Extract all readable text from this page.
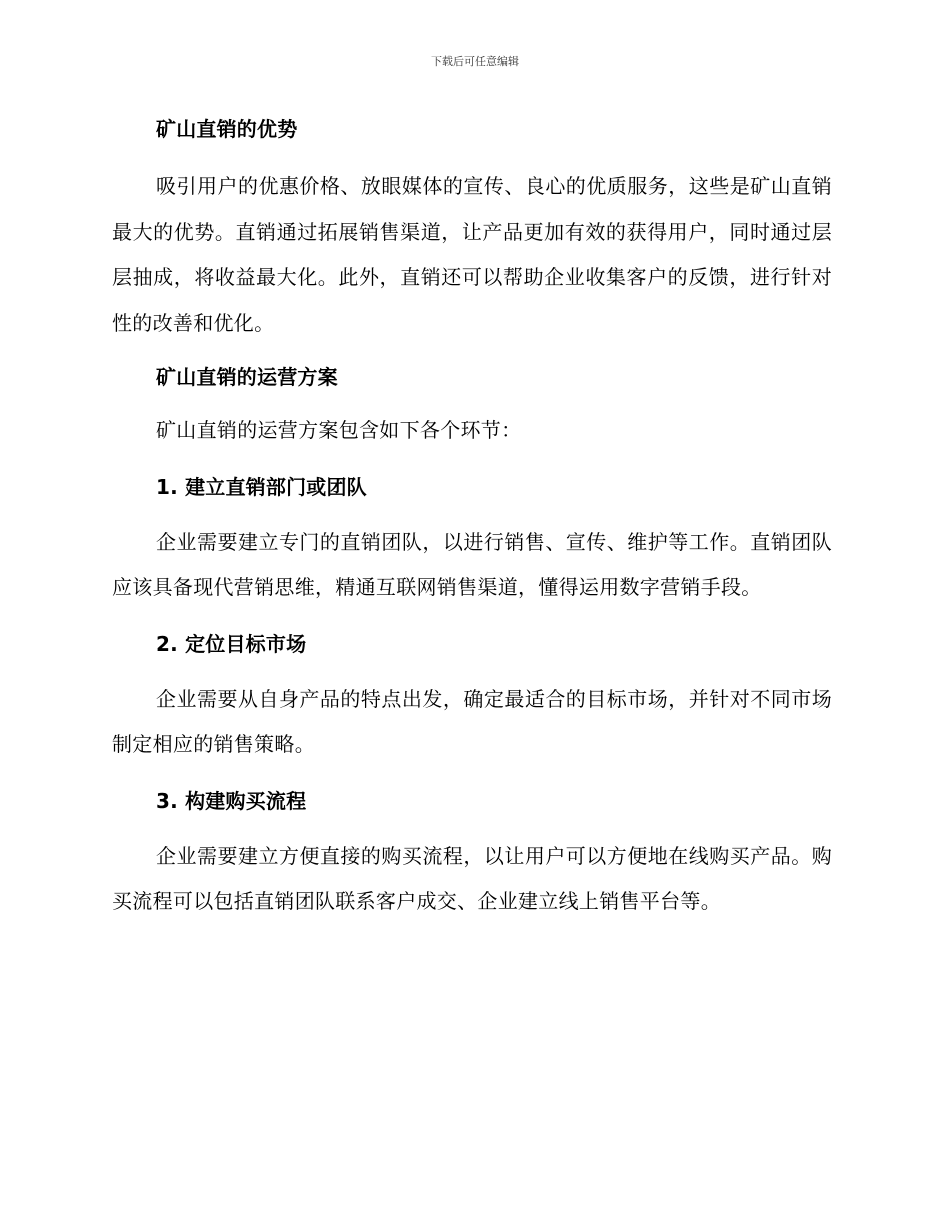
下载后可任意编辑
矿山直销的优势

吸引用户的优惠价格、放眼媒体的宣传、良心的优质服务，这些是矿山直销最大的优势。直销通过拓展销售渠道，让产品更加有效的获得用户，同时通过层层抽成，将收益最大化。此外，直销还可以帮助企业收集客户的反馈，进行针对性的改善和优化。

矿山直销的运营方案

矿山直销的运营方案包含如下各个环节：

1. 建立直销部门或团队

企业需要建立专门的直销团队，以进行销售、宣传、维护等工作。直销团队应该具备现代营销思维，精通互联网销售渠道，懂得运用数字营销手段。

2. 定位目标市场

企业需要从自身产品的特点出发，确定最适合的目标市场，并针对不同市场制定相应的销售策略。

3. 构建购买流程

企业需要建立方便直接的购买流程，以让用户可以方便地在线购买产品。购买流程可以包括直销团队联系客户成交、企业建立线上销售平台等。
